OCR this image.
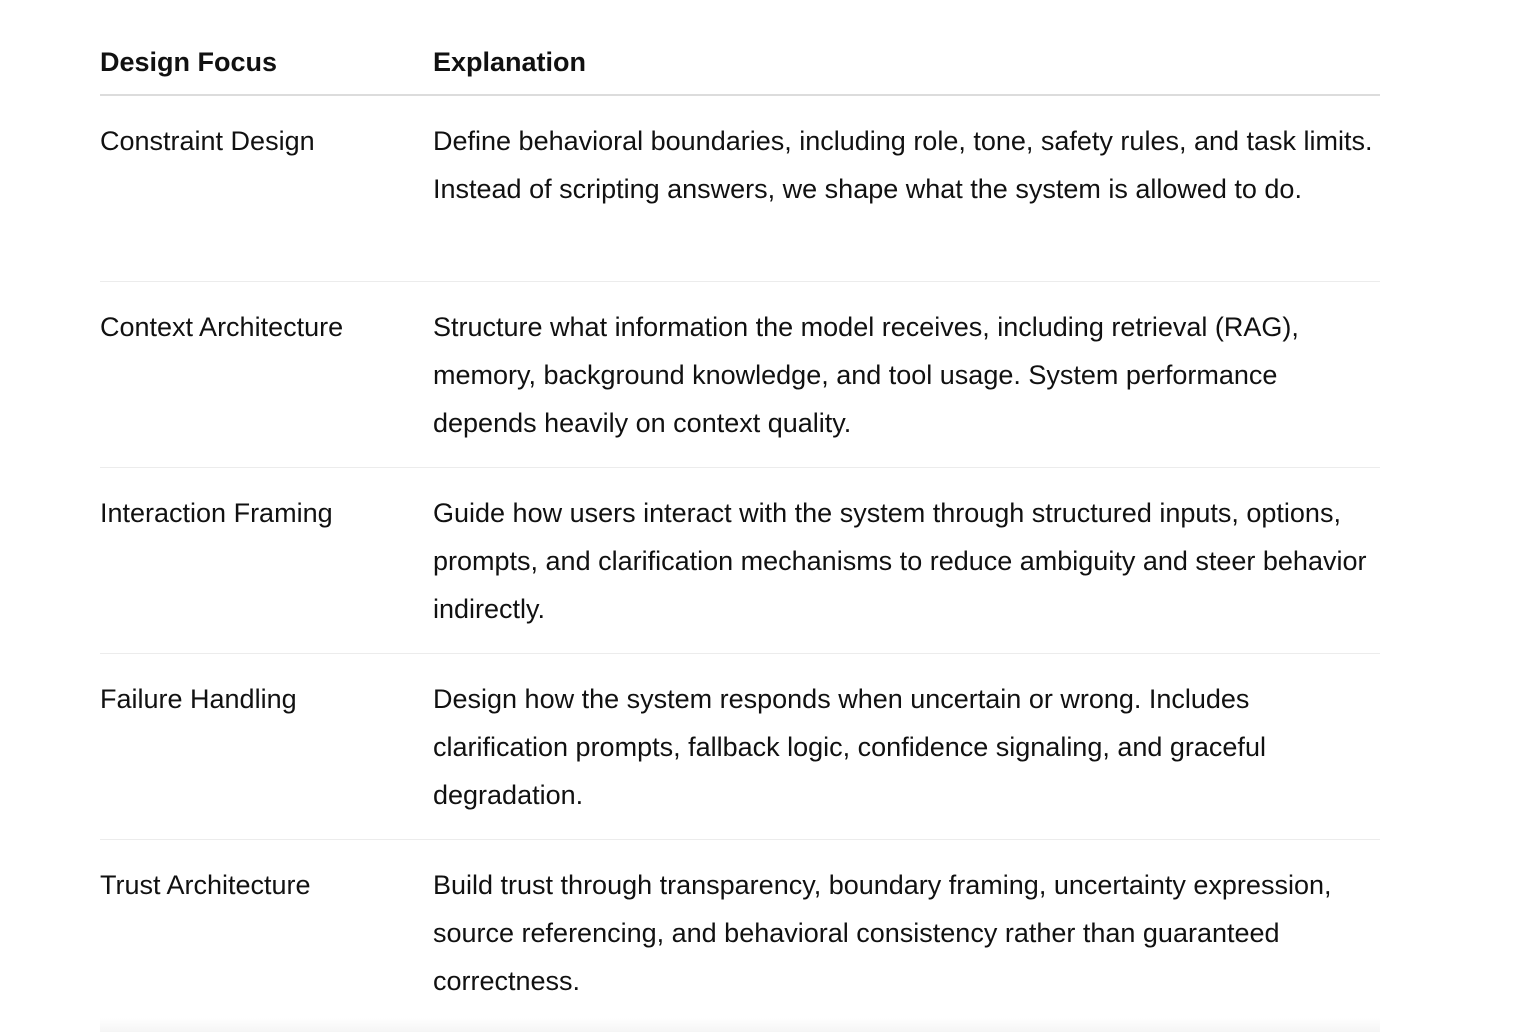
Design Focus	Explanation
Constraint Design	Define behavioral boundaries, including role, tone, safety rules, and task limits. Instead of scripting answers, we shape what the system is allowed to do.
Context Architecture	Structure what information the model receives, including retrieval (RAG), memory, background knowledge, and tool usage. System performance depends heavily on context quality.
Interaction Framing	Guide how users interact with the system through structured inputs, options, prompts, and clarification mechanisms to reduce ambiguity and steer behavior indirectly.
Failure Handling	Design how the system responds when uncertain or wrong. Includes clarification prompts, fallback logic, confidence signaling, and graceful degradation.
Trust Architecture	Build trust through transparency, boundary framing, uncertainty expression, source referencing, and behavioral consistency rather than guaranteed correctness.
